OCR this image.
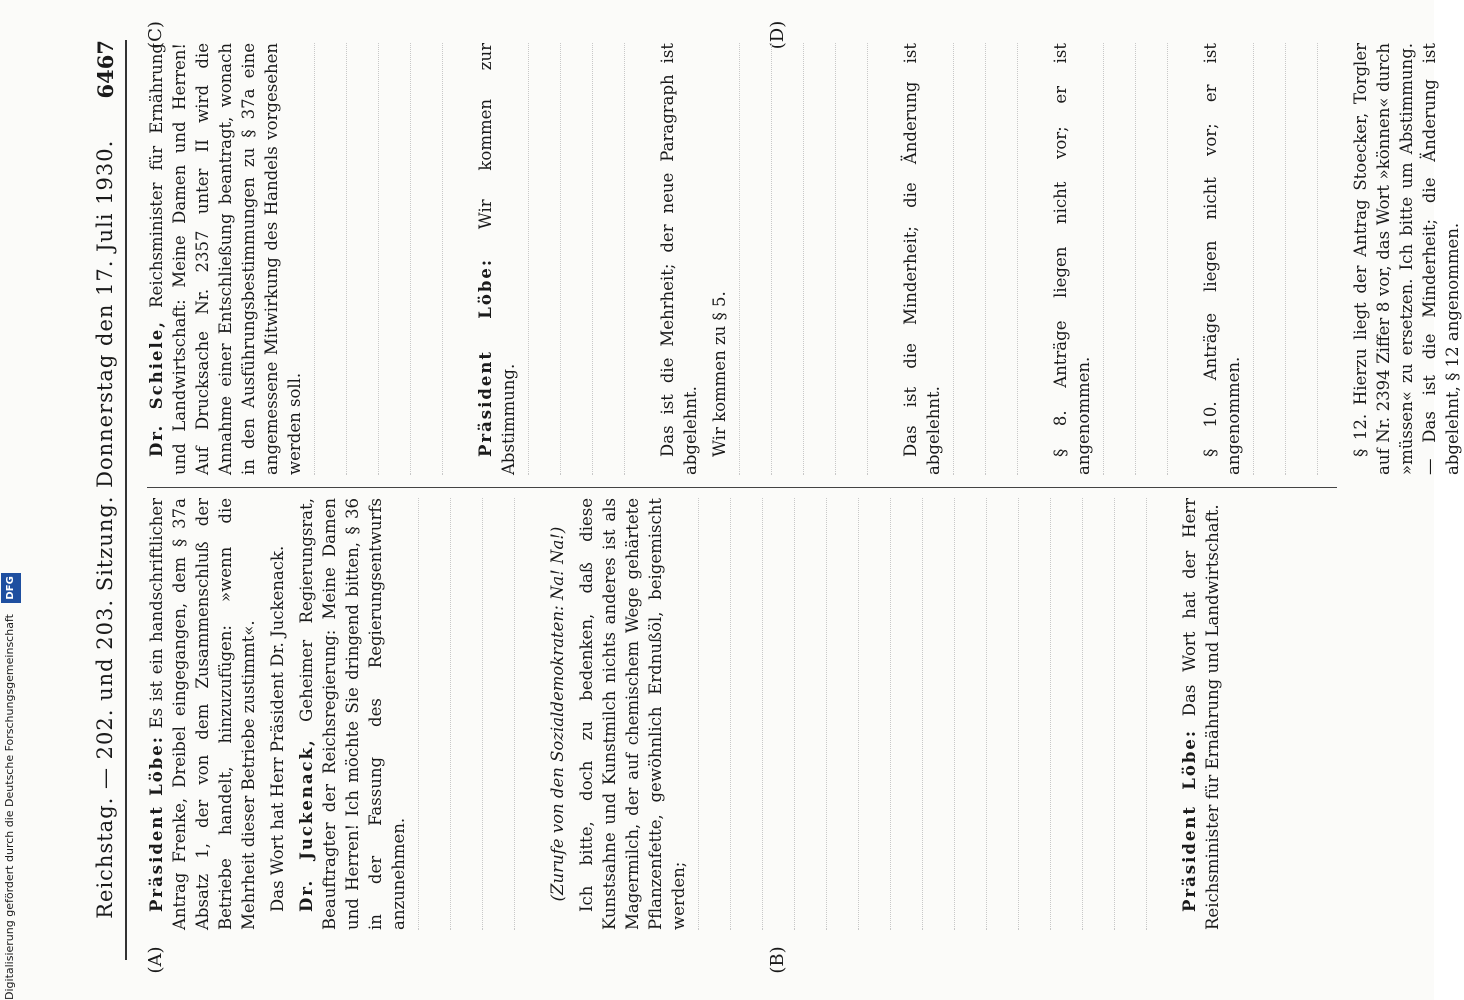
Reichstag. — 202. und 203. Sitzung. Donnerstag den 17. Juli 1930.
6467
(A)	(B)
(C)	(D)

Präsident Löbe: Es ist ein handschriftlicher Antrag Frenke, Dreibel eingegangen, dem § 37a Absatz 1, der von dem Zusammenschluß der Betriebe handelt, hinzuzufügen: »wenn die Mehrheit dieser Betriebe zustimmt«. Das Wort hat Herr Präsident Dr. Juckenack. Dr. Juckenack, Geheimer Regierungsrat, Beauftragter der Reichsregierung: Meine Damen und Herren! Ich möchte Sie dringend bitten, § 36 in der Fassung des Regierungsentwurfs anzunehmen.	(Zurufe von den Sozialdemokraten: Na! Na!) Ich bitte, doch zu bedenken, daß diese Kunstsahne und Kunstmilch nichts anderes ist als Magermilch, der auf chemischem Wege gehärtete Pflanzenfette, gewöhnlich Erdnußöl, beigemischt werden;	Präsident Löbe: Das Wort hat der Herr Reichsminister für Ernährung und Landwirtschaft.

Dr. Schiele, Reichsminister für Ernährung und Landwirtschaft: Meine Damen und Herren! Auf Drucksache Nr. 2357 unter II wird die Annahme einer Entschließung beantragt, wonach in den Ausführungsbestimmungen zu § 37a eine angemessene Mitwirkung des Handels vorgesehen werden soll.	Präsident Löbe: Wir kommen zur Abstimmung.	Das ist die Mehrheit; der neue Paragraph ist abgelehnt. Wir kommen zu § 5.	Das ist die Minderheit; die Änderung ist abgelehnt.	§ 8. Anträge liegen nicht vor; er ist angenommen.	§ 10. Anträge liegen nicht vor; er ist angenommen.	§ 12. Hierzu liegt der Antrag Stoecker, Torgler auf Nr. 2394 Ziffer 8 vor, das Wort »können« durch »müssen« zu ersetzen. Ich bitte um Abstimmung. — Das ist die Minderheit; die Änderung ist abgelehnt, § 12 angenommen.

Digitalisierung gefördert durch die Deutsche Forschungsgemeinschaft DFG
